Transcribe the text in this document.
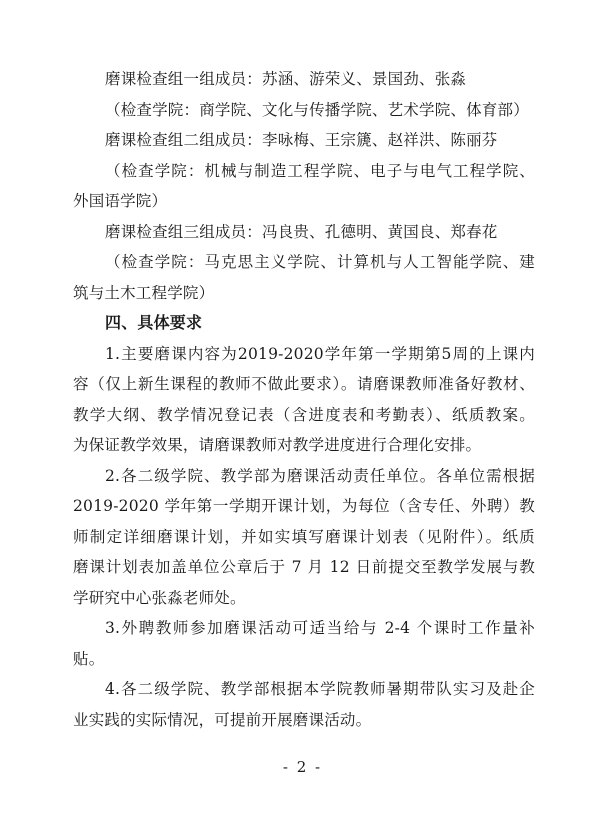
磨课检查组一组成员：苏涵、游荣义、景国劲、张淼
（检查学院：商学院、文化与传播学院、艺术学院、体育部）
磨课检查组二组成员：李咏梅、王宗篪、赵祥洪、陈丽芬
（检查学院：机械与制造工程学院、电子与电气工程学院、
外国语学院）
磨课检查组三组成员：冯良贵、孔德明、黄国良、郑春花
（检查学院：马克思主义学院、计算机与人工智能学院、建
筑与土木工程学院）
四、具体要求
1.主要磨课内容为2019-2020学年第一学期第5周的上课内
容（仅上新生课程的教师不做此要求）。请磨课教师准备好教材、
教学大纲、教学情况登记表（含进度表和考勤表）、纸质教案。
为保证教学效果，请磨课教师对教学进度进行合理化安排。
2.各二级学院、教学部为磨课活动责任单位。各单位需根据
2019-2020 学年第一学期开课计划，为每位（含专任、外聘）教
师制定详细磨课计划，并如实填写磨课计划表（见附件）。纸质
磨课计划表加盖单位公章后于 7 月 12 日前提交至教学发展与教
学研究中心张淼老师处。
3.外聘教师参加磨课活动可适当给与 2-4 个课时工作量补
贴。
4.各二级学院、教学部根据本学院教师暑期带队实习及赴企
业实践的实际情况，可提前开展磨课活动。
- 2 -
